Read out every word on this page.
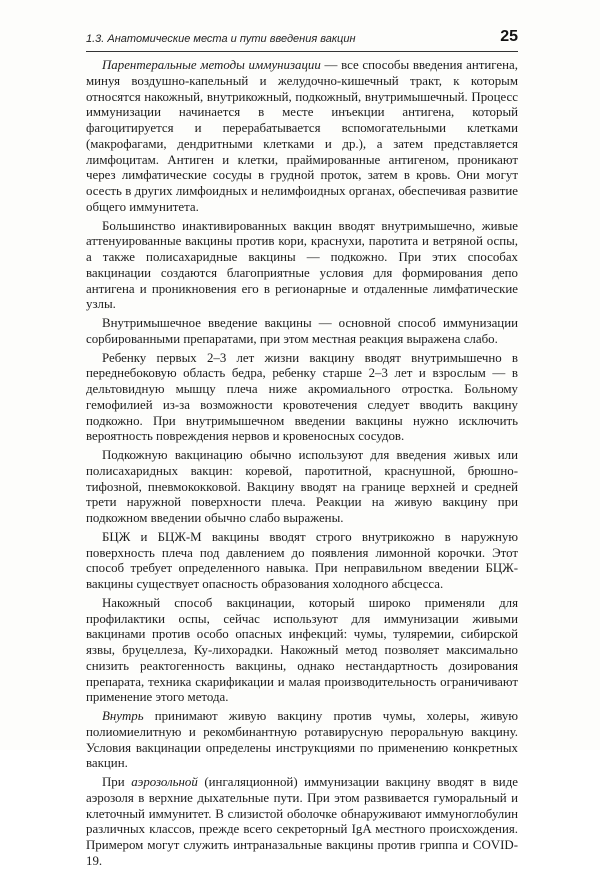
1.3. Анатомические места и пути введения вакцин	25

Парентеральные методы иммунизации — все способы введения антигена, минуя воздушно-капельный и желудочно-кишечный тракт, к которым относятся накожный, внутрикожный, подкожный, внутримышечный. Процесс иммунизации начинается в месте инъекции антигена, который фагоцитируется и перерабатывается вспомогательными клетками (макрофагами, дендритными клетками и др.), а затем представляется лимфоцитам. Антиген и клетки, праймированные антигеном, проникают через лимфатические сосуды в грудной проток, затем в кровь. Они могут осесть в других лимфоидных и нелимфоидных органах, обеспечивая развитие общего иммунитета.

Большинство инактивированных вакцин вводят внутримышечно, живые аттенуированные вакцины против кори, краснухи, паротита и ветряной оспы, а также полисахаридные вакцины — подкожно. При этих способах вакцинации создаются благоприятные условия для формирования депо антигена и проникновения его в регионарные и отдаленные лимфатические узлы.

Внутримышечное введение вакцины — основной способ иммунизации сорбированными препаратами, при этом местная реакция выражена слабо.

Ребенку первых 2–3 лет жизни вакцину вводят внутримышечно в переднебоковую область бедра, ребенку старше 2–3 лет и взрослым — в дельтовидную мышцу плеча ниже акромиального отростка. Больному гемофилией из-за возможности кровотечения следует вводить вакцину подкожно. При внутримышечном введении вакцины нужно исключить вероятность повреждения нервов и кровеносных сосудов.

Подкожную вакцинацию обычно используют для введения живых или полисахаридных вакцин: коревой, паротитной, краснушной, брюшно-тифозной, пневмококковой. Вакцину вводят на границе верхней и средней трети наружной поверхности плеча. Реакции на живую вакцину при подкожном введении обычно слабо выражены.

БЦЖ и БЦЖ-М вакцины вводят строго внутрикожно в наружную поверхность плеча под давлением до появления лимонной корочки. Этот способ требует определенного навыка. При неправильном введении БЦЖ-вакцины существует опасность образования холодного абсцесса.

Накожный способ вакцинации, который широко применяли для профилактики оспы, сейчас используют для иммунизации живыми вакцинами против особо опасных инфекций: чумы, туляремии, сибирской язвы, бруцеллеза, Ку-лихорадки. Накожный метод позволяет максимально снизить реактогенность вакцины, однако нестандартность дозирования препарата, техника скарификации и малая производительность ограничивают применение этого метода.

Внутрь принимают живую вакцину против чумы, холеры, живую полиомиелитную и рекомбинантную ротавирусную пероральную вакцину. Условия вакцинации определены инструкциями по применению конкретных вакцин.

При аэрозольной (ингаляционной) иммунизации вакцину вводят в виде аэрозоля в верхние дыхательные пути. При этом развивается гуморальный и клеточный иммунитет. В слизистой оболочке обнаруживают иммуноглобулин различных классов, прежде всего секреторный IgA местного происхождения. Примером могут служить интраназальные вакцины против гриппа и COVID-19.
